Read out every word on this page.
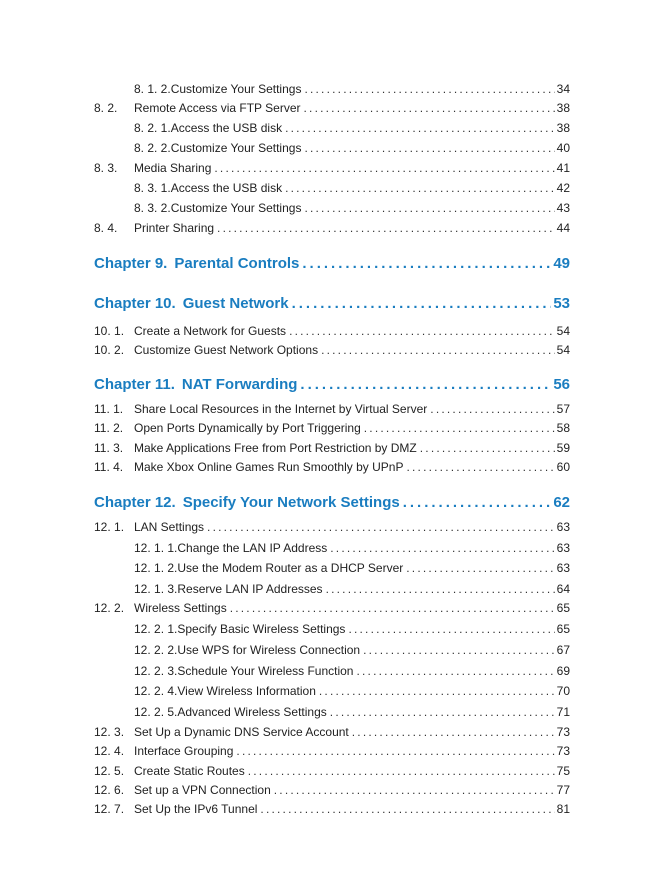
8. 1. 2. Customize Your Settings .....	34
8. 2.	Remote Access via FTP Server .....	38
8. 2. 1. Access the USB disk .....	38
8. 2. 2. Customize Your Settings .....	40
8. 3.	Media Sharing .....	41
8. 3. 1. Access the USB disk .....	42
8. 3. 2. Customize Your Settings .....	43
8. 4.	Printer Sharing .....	44
Chapter 9. Parental Controls .....	49
Chapter 10. Guest Network .....	53
10. 1. Create a Network for Guests .....	54
10. 2. Customize Guest Network Options .....	54
Chapter 11. NAT Forwarding .....	56
11. 1. Share Local Resources in the Internet by Virtual Server .....	57
11. 2. Open Ports Dynamically by Port Triggering .....	58
11. 3. Make Applications Free from Port Restriction by DMZ .....	59
11. 4. Make Xbox Online Games Run Smoothly by UPnP .....	60
Chapter 12. Specify Your Network Settings .....	62
12. 1. LAN Settings .....	63
12. 1. 1. Change the LAN IP Address .....	63
12. 1. 2. Use the Modem Router as a DHCP Server .....	63
12. 1. 3. Reserve LAN IP Addresses .....	64
12. 2. Wireless Settings .....	65
12. 2. 1. Specify Basic Wireless Settings .....	65
12. 2. 2. Use WPS for Wireless Connection .....	67
12. 2. 3. Schedule Your Wireless Function .....	69
12. 2. 4. View Wireless Information .....	70
12. 2. 5. Advanced Wireless Settings .....	71
12. 3. Set Up a Dynamic DNS Service Account .....	73
12. 4. Interface Grouping .....	73
12. 5. Create Static Routes .....	75
12. 6. Set up a VPN Connection .....	77
12. 7. Set Up the IPv6 Tunnel .....	81
